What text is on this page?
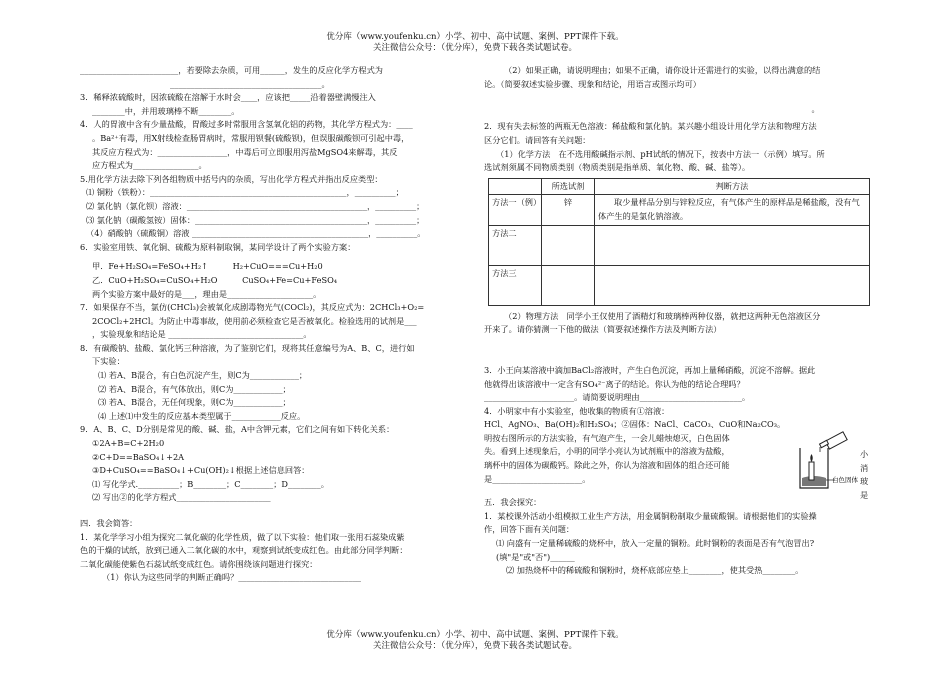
优分库（www.youfenku.cn）小学、初中、高中试题、案例、PPT课件下载。
关注微信公众号：（优分库），免费下载各类试题试卷。

________________________，若要除去杂质，可用______，发生的反应化学方程式为

_____________________________________。

3．稀释浓硫酸时，因浓硫酸在溶解于水时会____，应该把_____沿着器壁满慢注入

________中，并用玻璃棒不断________。

4．人的胃液中含有少量盐酸，胃酸过多时常服用含氢氧化铝的药物，其化学方程式为：____

。Ba²⁺有毒，用X射线检查肠胃病时，常服用钡餐(硫酸钡)，但误服碳酸钡可引起中毒，

其反应方程式为：_________________，中毒后可立即服用泻盐MgSO4来解毒，其反

应方程式为________________。

5.用化学方法去除下列各组物质中括号内的杂质，写出化学方程式并指出反应类型：

⑴ 铜粉（铁粉）：________________________________________________，__________；

⑵ 氯化钠（氯化钡）溶液：____________________________________________，__________；

⑶ 氯化钠（碳酸氢铵）固体：__________________________________________，__________；

（4）硝酸钠（硫酸铜）溶液 ___________________________________________，__________。

6．实验室用铁、氧化铜、硫酸为原料制取铜，某同学设计了两个实验方案：

甲．Fe+H₂SO₄=FeSO₄+H₂↑　　　H₂+CuO===Cu+H₂0

乙．CuO+H₂SO₄=CuSO₄+H₂O　　　CuSO₄+Fe=Cu+FeSO₄

两个实验方案中最好的是___，理由是_____________________。

7．如果保存不当，氯仿(CHCl₃)会被氧化成剧毒物光气(COCl₂)，其反应式为：2CHCl₃+O₂=

2COCl₂+2HCl。为防止中毒事故，使用前必须检查它是否被氧化。检验选用的试剂是___

，实验现象和结论是 _________________________________。

8．有碳酸钠、盐酸、氯化钙三种溶液，为了鉴别它们，现将其任意编号为A、B、C，进行如

下实验：

⑴ 若A、B混合，有白色沉淀产生，则C为____________；

⑵ 若A、B混合，有气体放出，则C为____________；

⑶ 若A、B混合，无任何现象，则C为____________；

⑷ 上述⑴中发生的反应基本类型属于____________反应。

9．A、B、C、D分别是常见的酸、碱、盐，A中含钾元素，它们之间有如下转化关系：

①2A+B=C+2H₂0

②C+D==BaSO₄↓+2A

③D+CuSO₄==BaSO₄↓+Cu(OH)₂↓根据上述信息回答：

⑴ 写化学式.__________；B________；C________；D________。

⑵ 写出②的化学方程式_______________________

四．我会简答：

1．某化学学习小组为探究二氧化碳的化学性质，做了以下实验：他们取一张用石蕊染成紫

色的干燥的试纸，放到已通入二氧化碳的水中，观察到试纸变成红色。由此部分同学判断：

二氧化碳能使紫色石蕊试纸变成红色。请你围绕该问题进行探究：

（1）你认为这些同学的判断正确吗？______________________________

（2）如果正确，请说明理由；如果不正确，请你设计还需进行的实验，以得出满意的结

论。（简要叙述实验步骤、现象和结论，用语言或图示均可）

　　　　　　　　　　　　　　　　　　　　　　　　　　　　　　　　　　　　　　　　。

2．现有失去标签的两瓶无色溶液：稀盐酸和氯化钠。某兴趣小组设计用化学方法和物理方法

区分它们。请回答有关问题：

（1）化学方法　在不选用酸碱指示剂、pH试纸的情况下，按表中方法一（示例）填写。所

选试剂须属不同物质类别（物质类别是指单质、氧化物、酸、碱、盐等）。

	所选试剂	判断方法
方法一（例）	锌	取少量样品分别与锌粒反应，有气体产生的原样品是稀盐酸，没有气体产生的是氯化钠溶液。
方法二		
方法三		

（2）物理方法　同学小王仅使用了酒精灯和玻璃棒两种仪器，就把这两种无色溶液区分

开来了。请你猜测一下他的做法（简要叙述操作方法及判断方法）

3．小王向某溶液中滴加BaCl₂溶液时，产生白色沉淀，再加上量稀硝酸，沉淀不溶解。据此

他就得出该溶液中一定含有SO₄²⁻离子的结论。你认为他的结论合理吗？

______________________。请简要说明理由_________________________。

4．小明家中有小实验室，他收集的物质有①溶液：

HCl、AgNO₃、Ba(OH)₂和H₂SO₄；②固体：NaCl、CaCO₃、CuO和Na₂CO₃。

明按右图所示的方法实验，有气泡产生，一会儿蜡烛熄灭，白色固体

失。看到上述现象后，小明的同学小亮认为试剂瓶中的溶液为盐酸，

璃杯中的固体为碳酸钙。除此之外，你认为溶液和固体的组合还可能

是______________________。

五．我会探究：

1．某校课外活动小组模拟工业生产方法，用金属铜粉制取少量硫酸铜。请根据他们的实验操

作，回答下面有关问题：

⑴ 向盛有一定量稀硫酸的烧杯中，放入一定量的铜粉。此时铜粉的表面是否有气泡冒出?

(填"是"或"否")______

⑵ 加热烧杯中的稀硫酸和铜粉时，烧杯底部应垫上________，使其受热________。

小
消
玻
是
白色固体
优分库（www.youfenku.cn）小学、初中、高中试题、案例、PPT课件下载。
关注微信公众号：（优分库），免费下载各类试题试卷。
